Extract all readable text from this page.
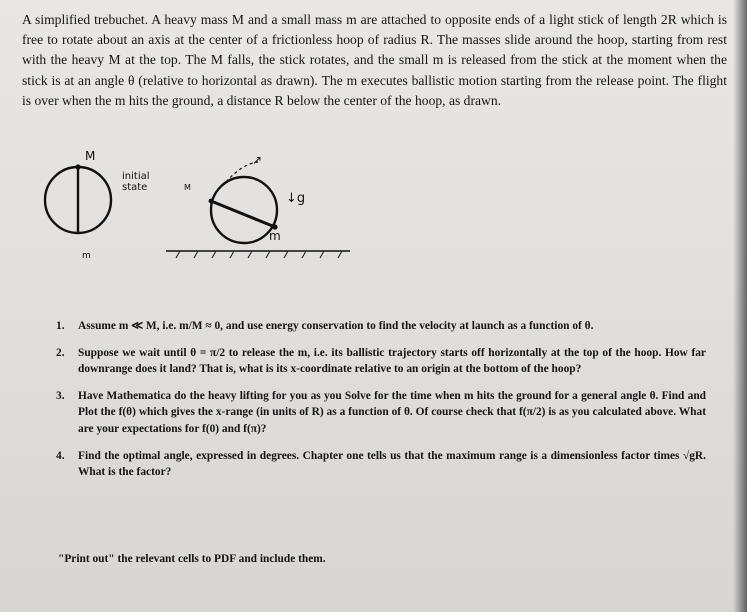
A simplified trebuchet. A heavy mass M and a small mass m are attached to opposite ends of a light stick of length 2R which is free to rotate about an axis at the center of a frictionless hoop of radius R. The masses slide around the hoop, starting from rest with the heavy M at the top. The M falls, the stick rotates, and the small m is released from the stick at the moment when the stick is at an angle θ (relative to horizontal as drawn). The m executes ballistic motion starting from the release point. The flight is over when the m hits the ground, a distance R below the center of the hoop, as drawn.

M
m
initial
state	M
m
↗
↓g
1. Assume m ≪ M, i.e. m/M ≈ 0, and use energy conservation to find the velocity at launch as a function of θ.
2. Suppose we wait until θ = π/2 to release the m, i.e. its ballistic trajectory starts off horizontally at the top of the hoop. How far downrange does it land? That is, what is its x-coordinate relative to an origin at the bottom of the hoop?
3. Have Mathematica do the heavy lifting for you as you Solve for the time when m hits the ground for a general angle θ. Find and Plot the f(θ) which gives the x-range (in units of R) as a function of θ. Of course check that f(π/2) is as you calculated above. What are your expectations for f(0) and f(π)?
4. Find the optimal angle, expressed in degrees. Chapter one tells us that the maximum range is a dimensionless factor times √gR. What is the factor?
"Print out" the relevant cells to PDF and include them.
